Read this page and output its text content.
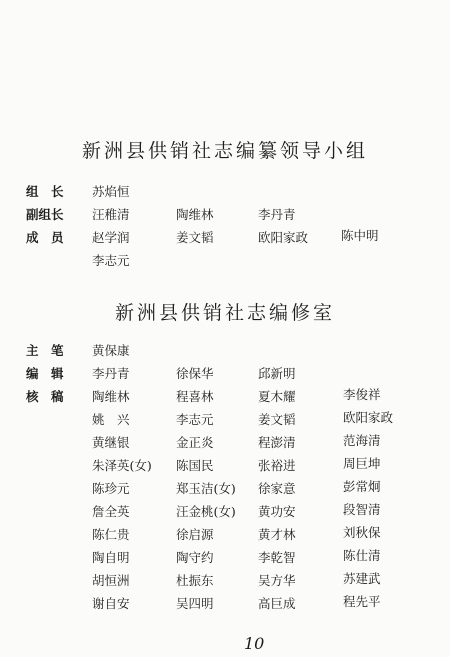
新洲县供销社志编纂领导小组
组　长 苏焰恒
副组长 汪稚清	陶维林	李丹青
成　员 赵学润	姜文韬	欧阳家政	陈中明
李志元
新洲县供销社志编修室
主　笔 黄保康
编　辑 李丹青	徐保华	邱新明
核　稿 陶维林	程喜林	夏木耀	李俊祥
姚　兴	李志元	姜文韬	欧阳家政
黄继银	金正炎	程澎清	范海清
朱泽英(女) 陈国民	张裕进	周巨坤
陈珍元	郑玉洁(女) 徐家意	彭常炯
詹全英	汪金桃(女) 黄功安	段智清
陈仁贵	徐启源	黄才林	刘秋保
陶自明	陶守约	李乾智	陈仕清
胡恒洲	杜振东	吴方华	苏建武
谢自安	吴四明	高巨成	程先平
10
